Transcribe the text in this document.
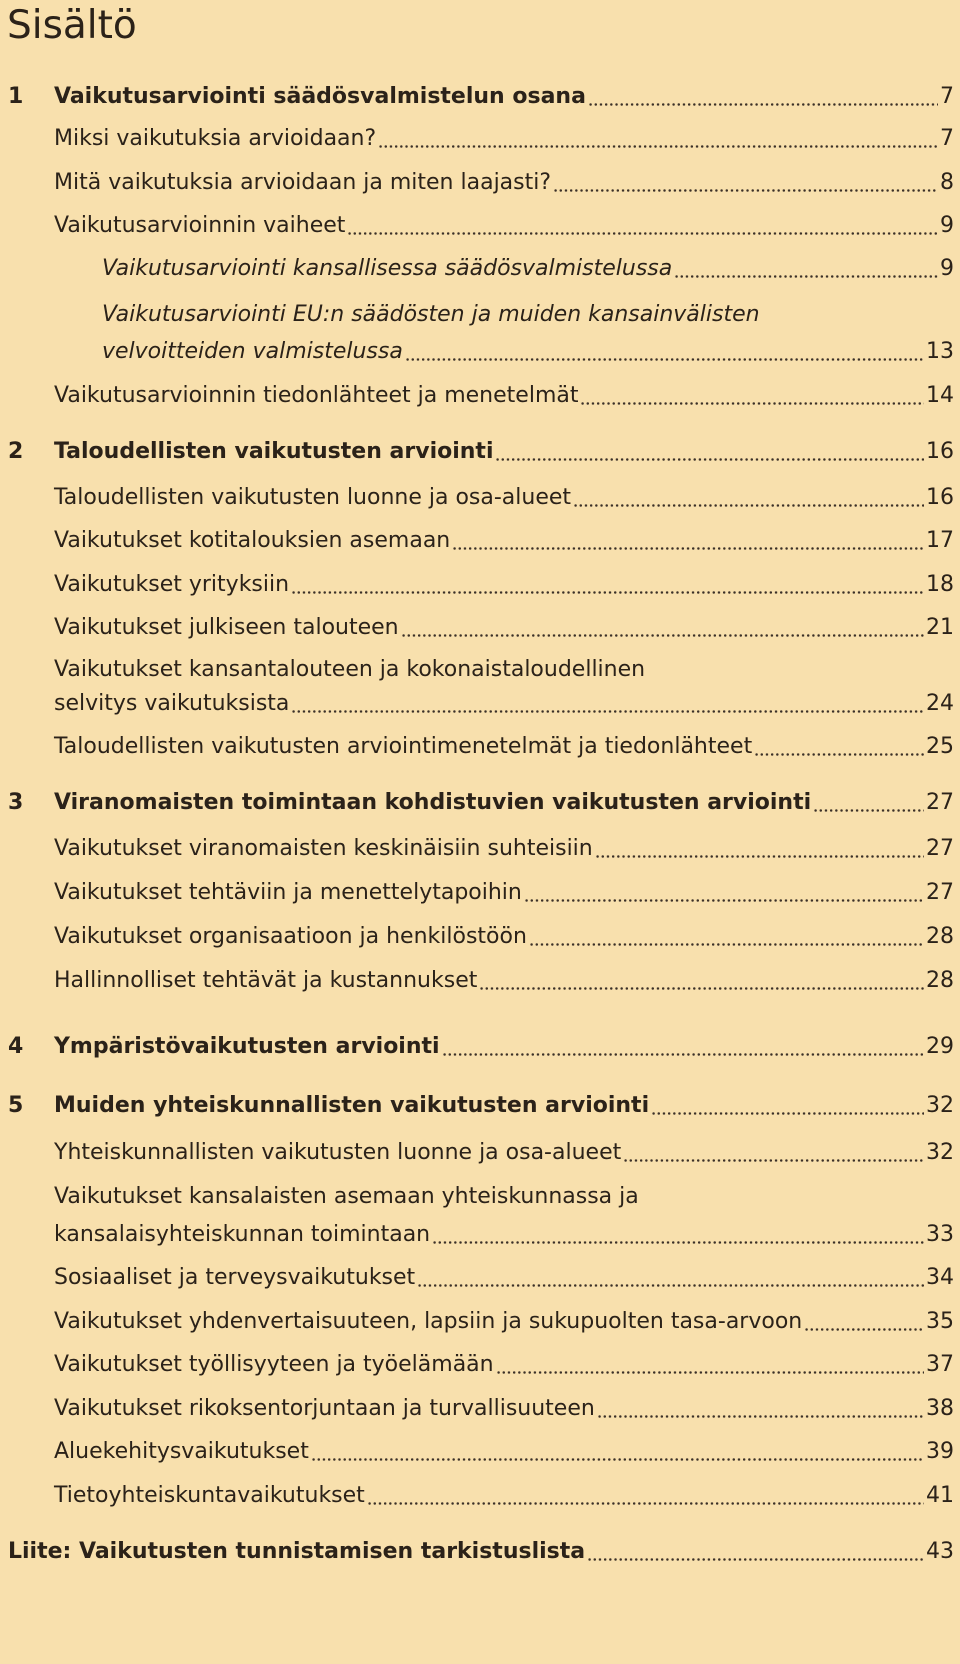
Sisältö
1 Vaikutusarviointi säädösvalmistelun osana	7
Miksi vaikutuksia arvioidaan?	7
Mitä vaikutuksia arvioidaan ja miten laajasti?	8
Vaikutusarvioinnin vaiheet	9
Vaikutusarviointi kansallisessa säädösvalmistelussa	9
Vaikutusarviointi EU:n säädösten ja muiden kansainvälisten
velvoitteiden valmistelussa	13
Vaikutusarvioinnin tiedonlähteet ja menetelmät	14
2 Taloudellisten vaikutusten arviointi	16
Taloudellisten vaikutusten luonne ja osa-alueet	16
Vaikutukset kotitalouksien asemaan	17
Vaikutukset yrityksiin	18
Vaikutukset julkiseen talouteen	21
Vaikutukset kansantalouteen ja kokonaistaloudellinen
selvitys vaikutuksista	24
Taloudellisten vaikutusten arviointimenetelmät ja tiedonlähteet	25
3 Viranomaisten toimintaan kohdistuvien vaikutusten arviointi	27
Vaikutukset viranomaisten keskinäisiin suhteisiin	27
Vaikutukset tehtäviin ja menettelytapoihin	27
Vaikutukset organisaatioon ja henkilöstöön	28
Hallinnolliset tehtävät ja kustannukset	28
4 Ympäristövaikutusten arviointi	29
5 Muiden yhteiskunnallisten vaikutusten arviointi	32
Yhteiskunnallisten vaikutusten luonne ja osa-alueet	32
Vaikutukset kansalaisten asemaan yhteiskunnassa ja
kansalaisyhteiskunnan toimintaan	33
Sosiaaliset ja terveysvaikutukset	34
Vaikutukset yhdenvertaisuuteen, lapsiin ja sukupuolten tasa-arvoon	35
Vaikutukset työllisyyteen ja työelämään	37
Vaikutukset rikoksentorjuntaan ja turvallisuuteen	38
Aluekehitysvaikutukset	39
Tietoyhteiskuntavaikutukset	41
Liite: Vaikutusten tunnistamisen tarkistuslista	43
